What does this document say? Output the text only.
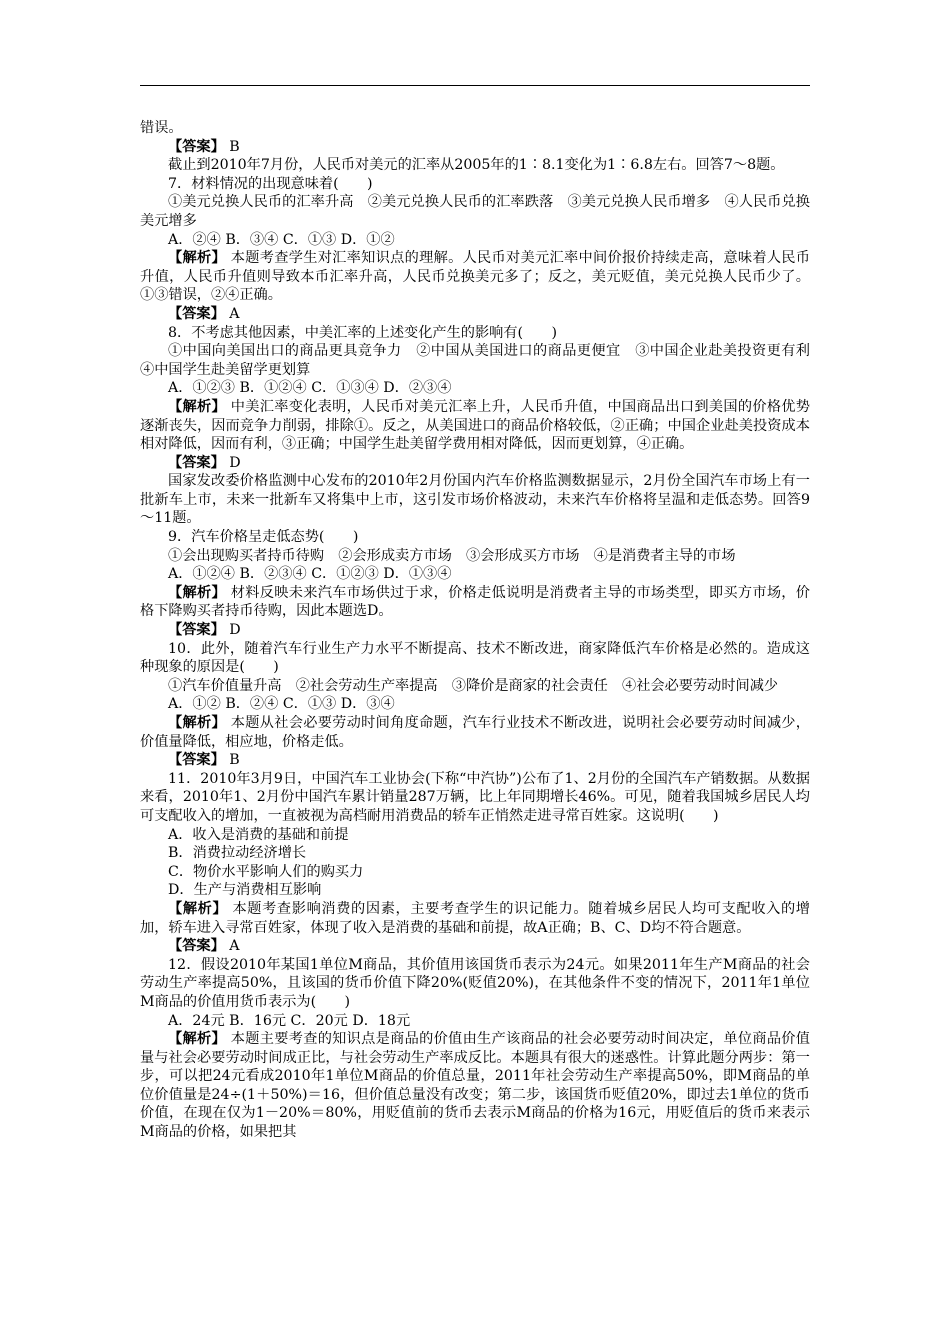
错误。

【答案】 B

截止到2010年7月份，人民币对美元的汇率从2005年的1∶8.1变化为1∶6.8左右。回答7～8题。

7．材料情况的出现意味着(　　)

①美元兑换人民币的汇率升高　②美元兑换人民币的汇率跌落　③美元兑换人民币增多　④人民币兑换美元增多

A．②④ B．③④ C．①③ D．①②

【解析】 本题考查学生对汇率知识点的理解。人民币对美元汇率中间价报价持续走高，意味着人民币升值，人民币升值则导致本币汇率升高，人民币兑换美元多了；反之，美元贬值，美元兑换人民币少了。①③错误，②④正确。

【答案】 A

8．不考虑其他因素，中美汇率的上述变化产生的影响有(　　)

①中国向美国出口的商品更具竞争力　②中国从美国进口的商品更便宜　③中国企业赴美投资更有利　④中国学生赴美留学更划算

A．①②③ B．①②④ C．①③④ D．②③④

【解析】 中美汇率变化表明，人民币对美元汇率上升，人民币升值，中国商品出口到美国的价格优势逐渐丧失，因而竞争力削弱，排除①。反之，从美国进口的商品价格较低，②正确；中国企业赴美投资成本相对降低，因而有利，③正确；中国学生赴美留学费用相对降低，因而更划算，④正确。

【答案】 D

国家发改委价格监测中心发布的2010年2月份国内汽车价格监测数据显示，2月份全国汽车市场上有一批新车上市，未来一批新车又将集中上市，这引发市场价格波动，未来汽车价格将呈温和走低态势。回答9～11题。

9．汽车价格呈走低态势(　　)

①会出现购买者持币待购　②会形成卖方市场　③会形成买方市场　④是消费者主导的市场

A．①②④ B．②③④ C．①②③ D．①③④

【解析】 材料反映未来汽车市场供过于求，价格走低说明是消费者主导的市场类型，即买方市场，价格下降购买者持币待购，因此本题选D。

【答案】 D

10．此外，随着汽车行业生产力水平不断提高、技术不断改进，商家降低汽车价格是必然的。造成这种现象的原因是(　　)

①汽车价值量升高　②社会劳动生产率提高　③降价是商家的社会责任　④社会必要劳动时间减少

A．①② B．②④ C．①③ D．③④

【解析】 本题从社会必要劳动时间角度命题，汽车行业技术不断改进，说明社会必要劳动时间减少，价值量降低，相应地，价格走低。

【答案】 B

11．2010年3月9日，中国汽车工业协会(下称“中汽协”)公布了1、2月份的全国汽车产销数据。从数据来看，2010年1、2月份中国汽车累计销量287万辆，比上年同期增长46%。可见，随着我国城乡居民人均可支配收入的增加，一直被视为高档耐用消费品的轿车正悄然走进寻常百姓家。这说明(　　)

A．收入是消费的基础和前提

B．消费拉动经济增长

C．物价水平影响人们的购买力

D．生产与消费相互影响

【解析】 本题考查影响消费的因素，主要考查学生的识记能力。随着城乡居民人均可支配收入的增加，轿车进入寻常百姓家，体现了收入是消费的基础和前提，故A正确；B、C、D均不符合题意。

【答案】 A

12．假设2010年某国1单位M商品，其价值用该国货币表示为24元。如果2011年生产M商品的社会劳动生产率提高50%，且该国的货币价值下降20%(贬值20%)，在其他条件不变的情况下，2011年1单位M商品的价值用货币表示为(　　)

A．24元 B．16元 C．20元 D．18元

【解析】 本题主要考查的知识点是商品的价值由生产该商品的社会必要劳动时间决定，单位商品价值量与社会必要劳动时间成正比，与社会劳动生产率成反比。本题具有很大的迷惑性。计算此题分两步：第一步，可以把24元看成2010年1单位M商品的价值总量，2011年社会劳动生产率提高50%，即M商品的单位价值量是24÷(1＋50%)＝16，但价值总量没有改变；第二步，该国货币贬值20%，即过去1单位的货币价值，在现在仅为1－20%＝80%，用贬值前的货币去表示M商品的价格为16元，用贬值后的货币来表示M商品的价格，如果把其
